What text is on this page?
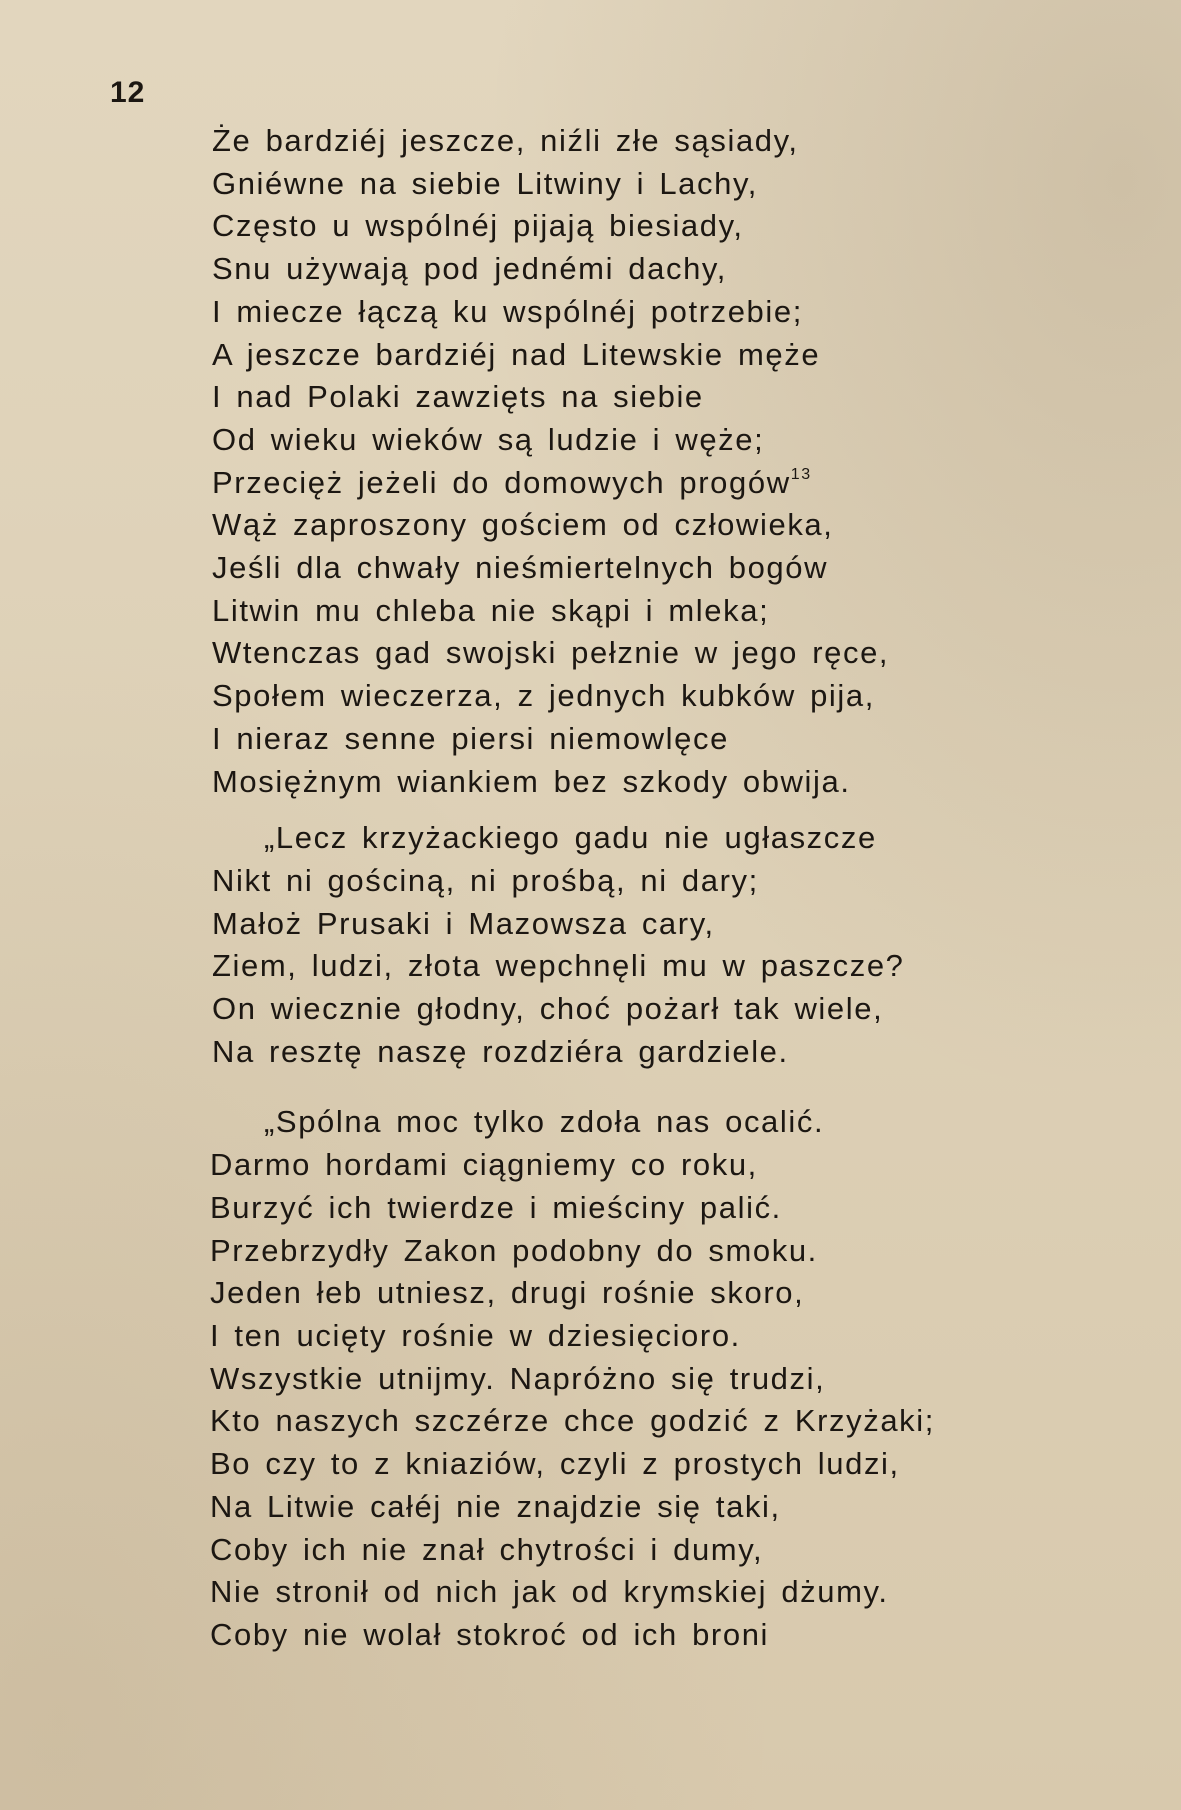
12
Że bardziéj jeszcze, niźli złe sąsiady,
Gniéwne na siebie Litwiny i Lachy,
Często u wspólnéj pijają biesiady,
Snu używają pod jednémi dachy,
I miecze łączą ku wspólnéj potrzebie;
A jeszcze bardziéj nad Litewskie męże
I nad Polaki zawzięts na siebie
Od wieku wieków są ludzie i węże;
Przecięż jeżeli do domowych progów$^{13}$
Wąż zaproszony gościem od człowieka,
Jeśli dla chwały nieśmiertelnych bogów
Litwin mu chleba nie skąpi i mleka;
Wtenczas gad swojski pełznie w jego ręce,
Społem wieczerza, z jednych kubków pija,
I nieraz senne piersi niemowlęce
Mosiężnym wiankiem bez szkody obwija.
„Lecz krzyżackiego gadu nie ugłaszcze
Nikt ni gościną, ni prośbą, ni dary;
Małoż Prusaki i Mazowsza cary,
Ziem, ludzi, złota wepchnęli mu w paszcze?
On wiecznie głodny, choć pożarł tak wiele,
Na resztę naszę rozdziéra gardziele.
„Spólna moc tylko zdoła nas ocalić.
Darmo hordami ciągniemy co roku,
Burzyć ich twierdze i mieściny palić.
Przebrzydły Zakon podobny do smoku.
Jeden łeb utniesz, drugi rośnie skoro,
I ten ucięty rośnie w dziesięcioro.
Wszystkie utnijmy. Napróżno się trudzi,
Kto naszych szczérze chce godzić z Krzyżaki;
Bo czy to z kniaziów, czyli z prostych ludzi,
Na Litwie całéj nie znajdzie się taki,
Coby ich nie znał chytrości i dumy,
Nie stronił od nich jak od krymskiej dżumy.
Coby nie wolał stokroć od ich broni
